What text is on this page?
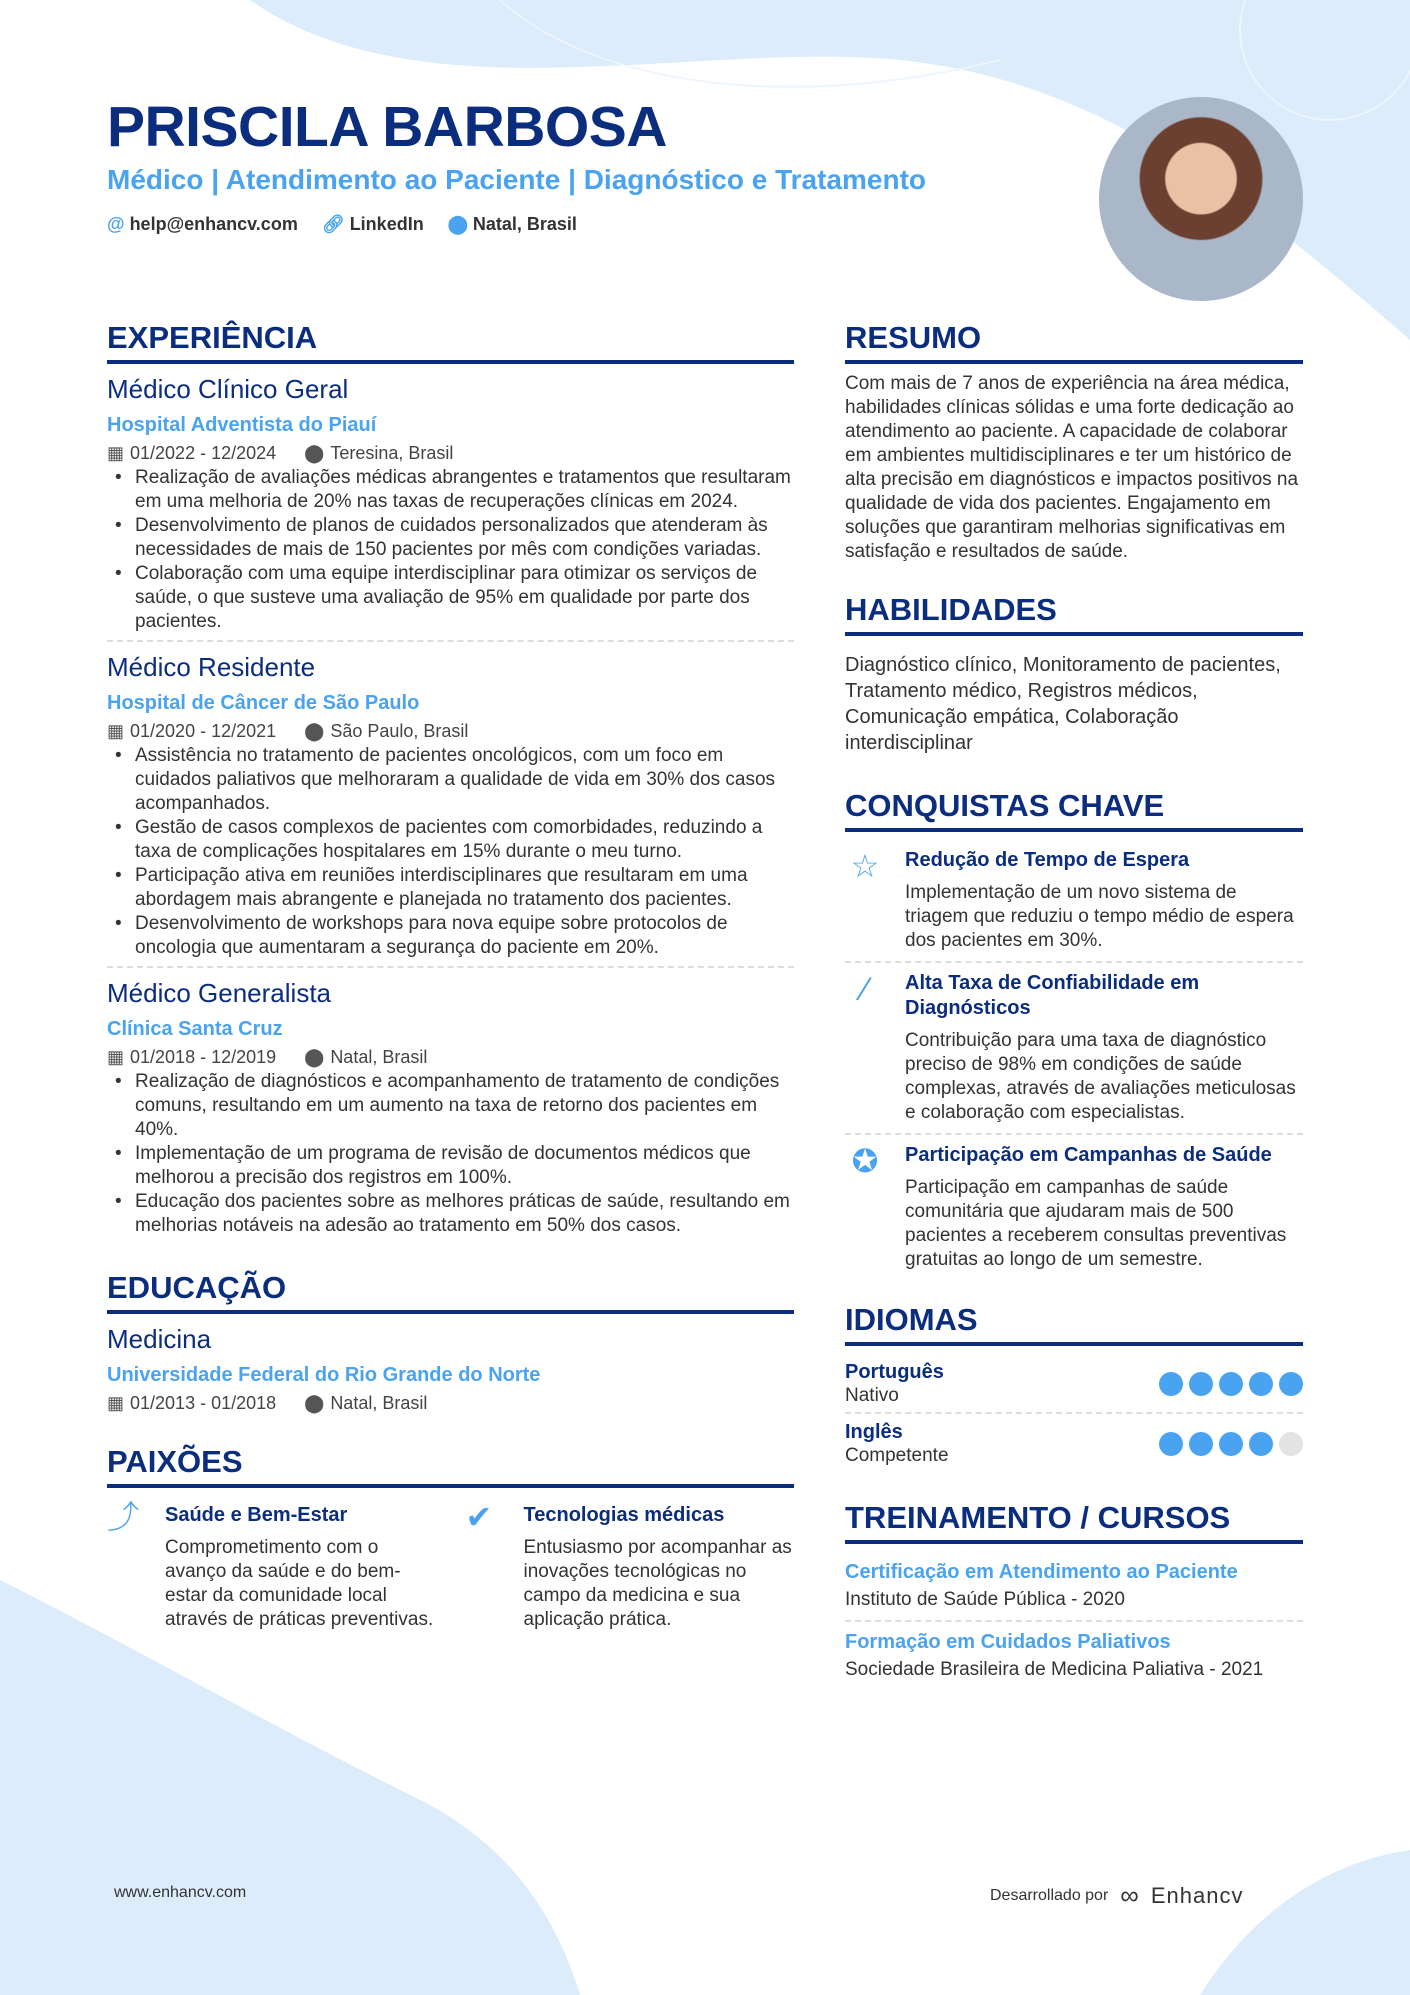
PRISCILA BARBOSA
Médico | Atendimento ao Paciente | Diagnóstico e Tratamento
@ help@enhancv.com 🔗︎ LinkedIn ⬤ Natal, Brasil
EXPERIÊNCIA
Médico Clínico Geral
Hospital Adventista do Piauí
▦ 01/2022 - 12/2024 ⬤ Teresina, Brasil
• Realização de avaliações médicas abrangentes e tratamentos que resultaram em uma melhoria de 20% nas taxas de recuperações clínicas em 2024.
• Desenvolvimento de planos de cuidados personalizados que atenderam às necessidades de mais de 150 pacientes por mês com condições variadas.
• Colaboração com uma equipe interdisciplinar para otimizar os serviços de saúde, o que susteve uma avaliação de 95% em qualidade por parte dos pacientes.
Médico Residente
Hospital de Câncer de São Paulo
▦ 01/2020 - 12/2021 ⬤ São Paulo, Brasil
• Assistência no tratamento de pacientes oncológicos, com um foco em cuidados paliativos que melhoraram a qualidade de vida em 30% dos casos acompanhados.
• Gestão de casos complexos de pacientes com comorbidades, reduzindo a taxa de complicações hospitalares em 15% durante o meu turno.
• Participação ativa em reuniões interdisciplinares que resultaram em uma abordagem mais abrangente e planejada no tratamento dos pacientes.
• Desenvolvimento de workshops para nova equipe sobre protocolos de oncologia que aumentaram a segurança do paciente em 20%.
Médico Generalista
Clínica Santa Cruz
▦ 01/2018 - 12/2019 ⬤ Natal, Brasil
• Realização de diagnósticos e acompanhamento de tratamento de condições comuns, resultando em um aumento na taxa de retorno dos pacientes em 40%.
• Implementação de um programa de revisão de documentos médicos que melhorou a precisão dos registros em 100%.
• Educação dos pacientes sobre as melhores práticas de saúde, resultando em melhorias notáveis na adesão ao tratamento em 50% dos casos.
EDUCAÇÃO
Medicina
Universidade Federal do Rio Grande do Norte
▦ 01/2013 - 01/2018 ⬤ Natal, Brasil
PAIXÕES
⤴	Saúde e Bem-Estar
Comprometimento com o avanço da saúde e do bem-estar da comunidade local através de práticas preventivas.
✔	Tecnologias médicas
Entusiasmo por acompanhar as inovações tecnológicas no campo da medicina e sua aplicação prática.
RESUMO
Com mais de 7 anos de experiência na área médica, habilidades clínicas sólidas e uma forte dedicação ao atendimento ao paciente. A capacidade de colaborar em ambientes multidisciplinares e ter um histórico de alta precisão em diagnósticos e impactos positivos na qualidade de vida dos pacientes. Engajamento em soluções que garantiram melhorias significativas em satisfação e resultados de saúde.
HABILIDADES
Diagnóstico clínico, Monitoramento de pacientes, Tratamento médico, Registros médicos, Comunicação empática, Colaboração interdisciplinar
CONQUISTAS CHAVE
☆ Redução de Tempo de Espera
Implementação de um novo sistema de triagem que reduziu o tempo médio de espera dos pacientes em 30%.
⁄	Alta Taxa de Confiabilidade em Diagnósticos
Contribuição para uma taxa de diagnóstico preciso de 98% em condições de saúde complexas, através de avaliações meticulosas e colaboração com especialistas.
✪	Participação em Campanhas de Saúde
Participação em campanhas de saúde comunitária que ajudaram mais de 500 pacientes a receberem consultas preventivas gratuitas ao longo de um semestre.
IDIOMAS
Português
Nativo
Inglês
Competente
TREINAMENTO / CURSOS
Certificação em Atendimento ao Paciente
Instituto de Saúde Pública - 2020
Formação em Cuidados Paliativos
Sociedade Brasileira de Medicina Paliativa - 2021
www.enhancv.com	Desarrollado por ∞ Enhancv
